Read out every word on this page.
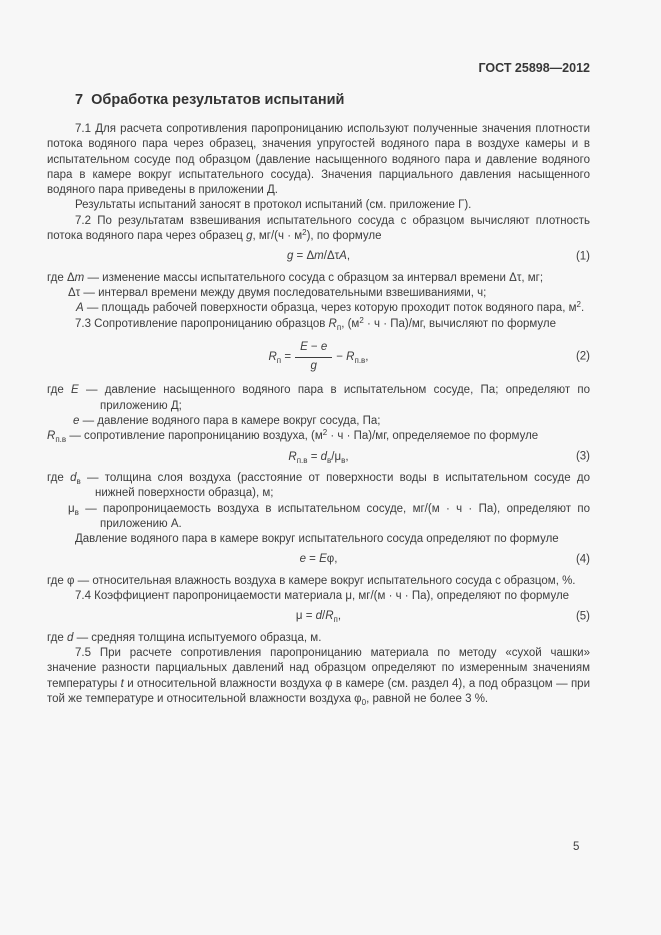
ГОСТ 25898—2012
7  Обработка результатов испытаний
7.1 Для расчета сопротивления паропроницанию используют полученные значения плотности потока водяного пара через образец, значения упругостей водяного пара в воздухе камеры и в испытательном сосуде под образцом (давление насыщенного водяного пара и давление водяного пара в камере вокруг испытательного сосуда). Значения парциального давления насыщенного водяного пара приведены в приложении Д.
Результаты испытаний заносят в протокол испытаний (см. приложение Г).
7.2 По результатам взвешивания испытательного сосуда с образцом вычисляют плотность потока водяного пара через образец g, $мг/(ч \cdot м^2)$, по формуле
g = Δm/ΔτA,	(1)
где Δm — изменение массы испытательного сосуда с образцом за интервал времени Δτ, мг;
Δτ — интервал времени между двумя последовательными взвешиваниями, ч;
A — площадь рабочей поверхности образца, через которую проходит поток водяного пара, $м^2$.
7.3 Сопротивление паропроницанию образцов $R_п$, $(м^2 \cdot ч \cdot Па)/мг$, вычисляют по формуле
$R_п = \frac{E - e}{g} - R_{п.в}$,	(2)
где E — давление насыщенного водяного пара в испытательном сосуде, Па; определяют по приложению Д;
e — давление водяного пара в камере вокруг сосуда, Па;
$R_{п.в}$ — сопротивление паропроницанию воздуха, $(м^2 \cdot ч \cdot Па)/мг$, определяемое по формуле
$R_{п.в} = d_в/\mu_в$,	(3)
где $d_в$ — толщина слоя воздуха (расстояние от поверхности воды в испытательном сосуде до нижней поверхности образца), м;
$\mu_в$ — паропроницаемость воздуха в испытательном сосуде, мг/(м · ч · Па), определяют по приложению А.
Давление водяного пара в камере вокруг испытательного сосуда определяют по формуле
e = Eφ,	(4)
где φ — относительная влажность воздуха в камере вокруг испытательного сосуда с образцом, %.
7.4 Коэффициент паропроницаемости материала μ, мг/(м · ч · Па), определяют по формуле
$\mu = d/R_п$,	(5)
где d — средняя толщина испытуемого образца, м.
7.5 При расчете сопротивления паропроницанию материала по методу «сухой чашки» значение разности парциальных давлений над образцом определяют по измеренным значениям температуры t и относительной влажности воздуха φ в камере (см. раздел 4), а под образцом — при той же температуре и относительной влажности воздуха $\varphi_0$, равной не более 3 %.
5
